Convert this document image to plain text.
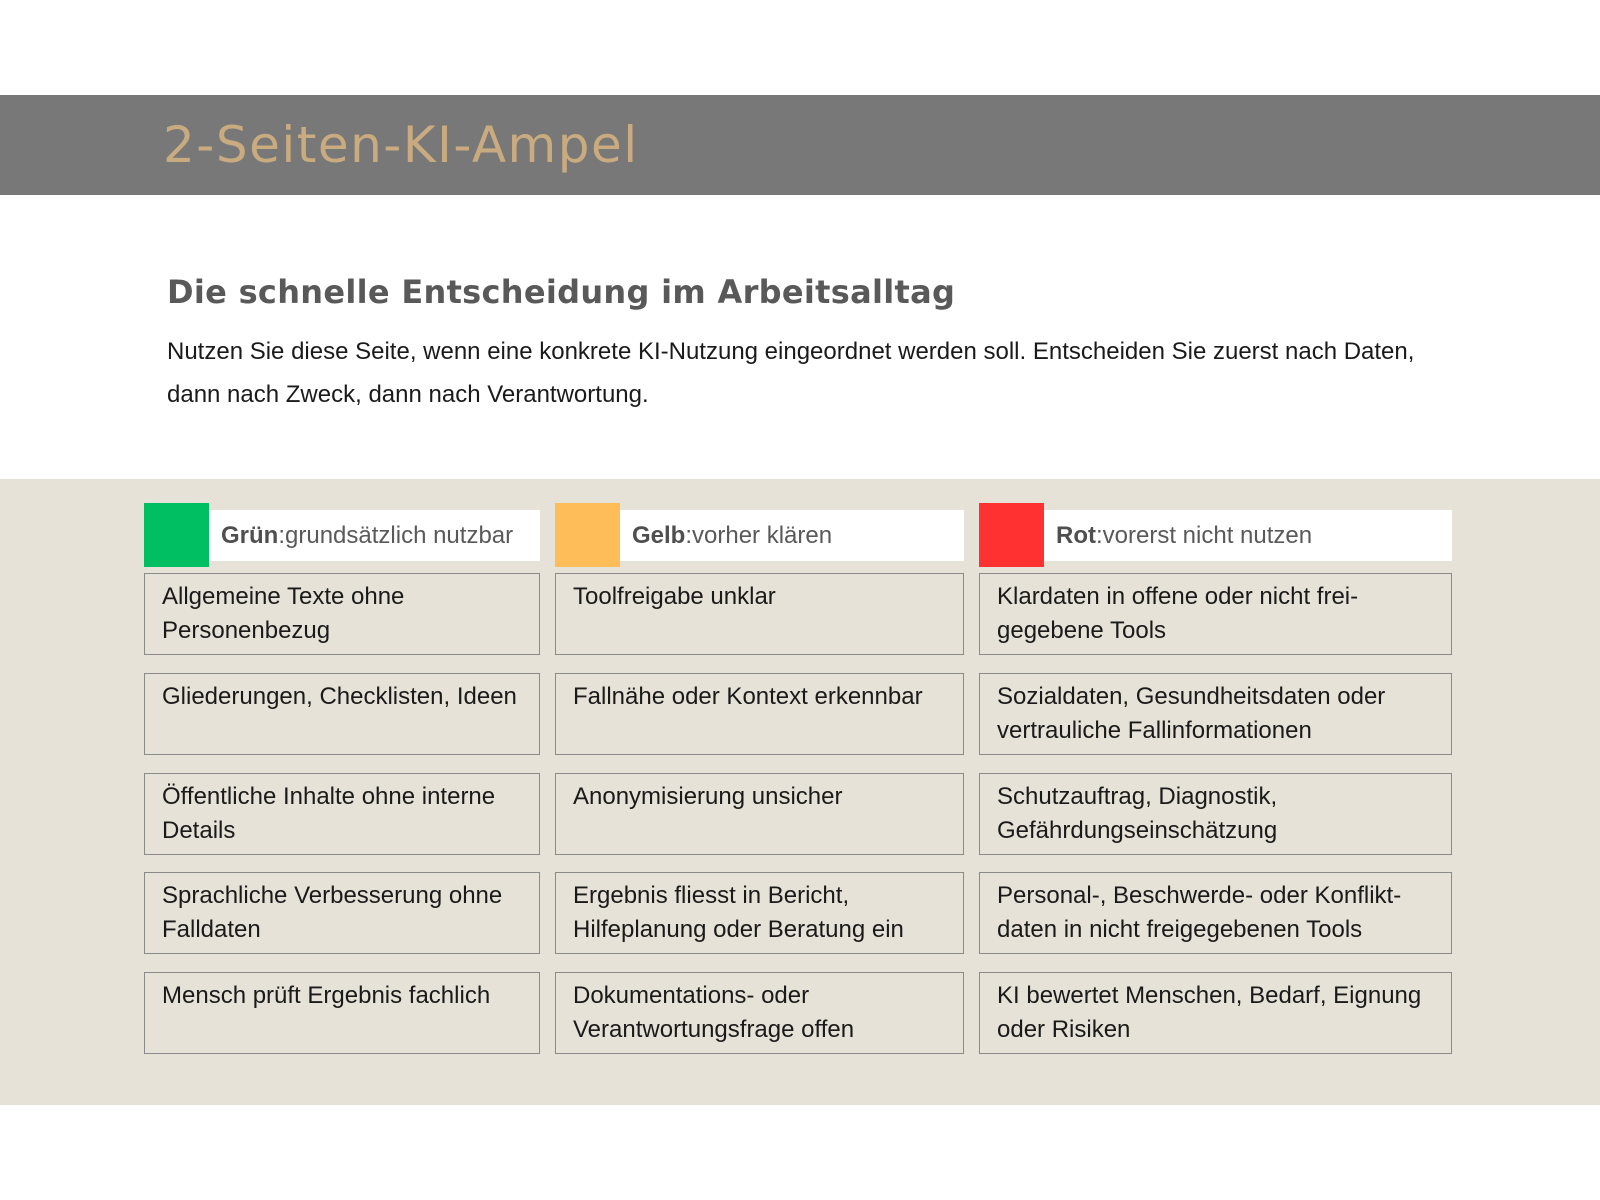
2-Seiten-KI-Ampel
Die schnelle Entscheidung im Arbeitsalltag

Nutzen Sie diese Seite, wenn eine konkrete KI-Nutzung eingeordnet werden soll. Entscheiden Sie zuerst nach Daten, dann nach Zweck, dann nach Verantwortung.

Grün : grundsätzlich nutzbar
Allgemeine Texte ohne Personenbezug
Gliederungen, Checklisten, Ideen
Öffentliche Inhalte ohne interne Details
Sprachliche Verbesserung ohne Falldaten
Mensch prüft Ergebnis fachlich
Gelb : vorher klären
Toolfreigabe unklar
Fallnähe oder Kontext erkennbar
Anonymisierung unsicher
Ergebnis fliesst in Bericht, Hilfeplanung oder Beratung ein
Dokumentations- oder Verantwortungsfrage offen
Rot : vorerst nicht nutzen
Klardaten in offene oder nicht frei-gegebene Tools
Sozialdaten, Gesundheitsdaten oder vertrauliche Fallinformationen
Schutzauftrag, Diagnostik, Gefährdungseinschätzung
Personal-, Beschwerde- oder Konflikt-daten in nicht freigegebenen Tools
KI bewertet Menschen, Bedarf, Eignung oder Risiken
